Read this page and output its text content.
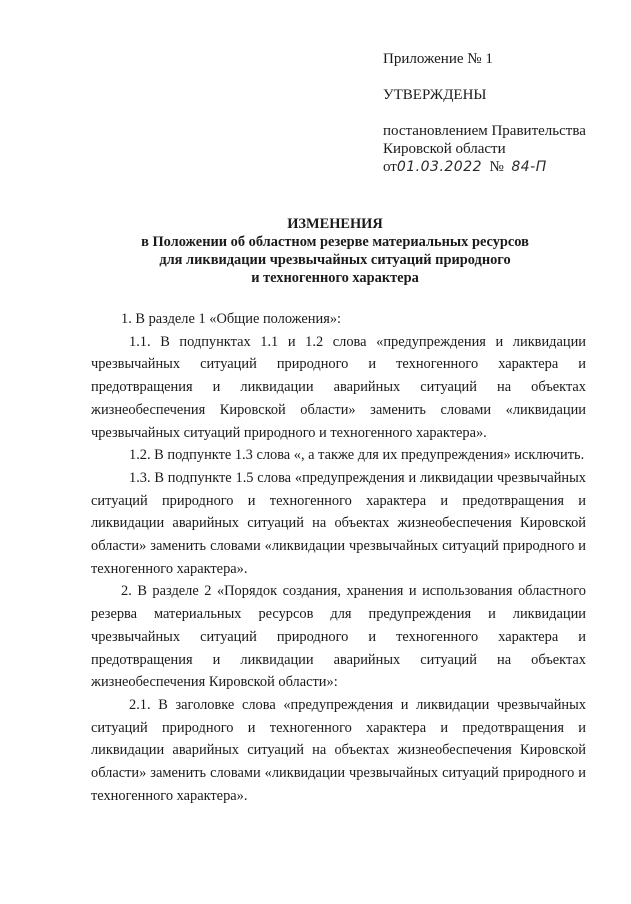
Приложение № 1
УТВЕРЖДЕНЫ
постановлением Правительства
Кировской области
от01.03.2022 № 84-П
ИЗМЕНЕНИЯ
в Положении об областном резерве материальных ресурсов
для ликвидации чрезвычайных ситуаций природного
и техногенного характера

1. В разделе 1 «Общие положения»:

1.1. В подпунктах 1.1 и 1.2 слова «предупреждения и ликвидации чрезвычайных ситуаций природного и техногенного характера и предотвращения и ликвидации аварийных ситуаций на объектах жизнеобеспечения Кировской области» заменить словами «ликвидации чрезвычайных ситуаций природного и техногенного характера».

1.2. В подпункте 1.3 слова «, а также для их предупреждения» исключить.

1.3. В подпункте 1.5 слова «предупреждения и ликвидации чрезвычайных ситуаций природного и техногенного характера и предотвращения и ликвидации аварийных ситуаций на объектах жизнеобеспечения Кировской области» заменить словами «ликвидации чрезвычайных ситуаций природного и техногенного характера».

2. В разделе 2 «Порядок создания, хранения и использования областного резерва материальных ресурсов для предупреждения и ликвидации чрезвычайных ситуаций природного и техногенного характера и предотвращения и ликвидации аварийных ситуаций на объектах жизнеобеспечения Кировской области»:

2.1. В заголовке слова «предупреждения и ликвидации чрезвычайных ситуаций природного и техногенного характера и предотвращения и ликвидации аварийных ситуаций на объектах жизнеобеспечения Кировской области» заменить словами «ликвидации чрезвычайных ситуаций природного и техногенного характера».
